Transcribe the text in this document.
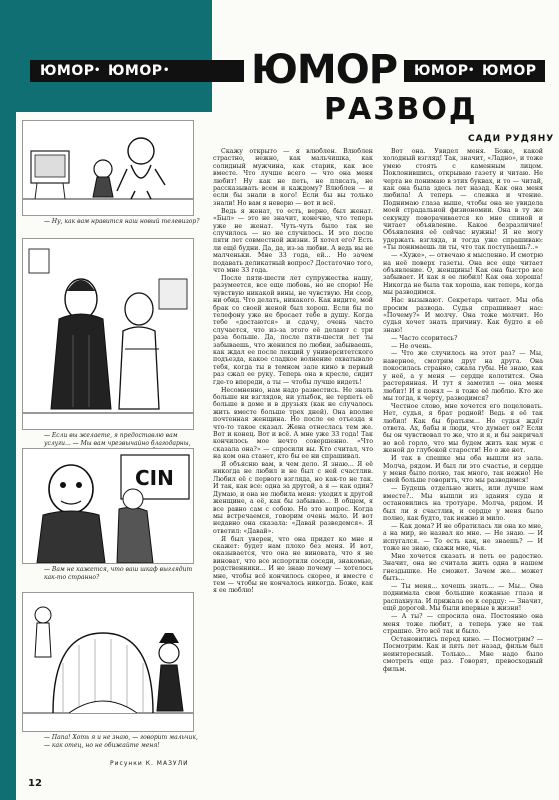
ЮМОР • ЮМОР • ЮМОР	ЮМОР • ЮМОР
РАЗВОД
САДИ РУДЯНУ
— Ну, как вам нравится наш новый телевизор?
— Если вы желаете, я предоставлю вам услуги... — Мы вам чрезвычайно благодарны,
CIN
— Вам не кажется, что ваш шкаф выглядит как-то странно?
— Папа! Хоть я и не знаю, — говорит мальчик, — как отец, но не обижайте меня!
Рисунки К. МАЗУЛИ

Скажу открыто — я влюблен. Влюблен страстно, нежно, как мальчишка, как солидный мужчина, как старик, как все вместе. Что лучше всего — что она меня любит! Ну как не петь, не плясать, не рассказывать всем и каждому? Влюблен — и если бы знали в кого! Если бы вы только знали! Но вам я неверю — вот и всё.

Ведь я женат, то есть, верно, был женат. «Был» — это не значит, конечно, что теперь уже не женат. Чуть-чуть было так не случилось — но не случилось. И это после пяти лет совместной жизни. Я хотел его? Есть ли ещё будни. Да, да, из-за любви. А ведь вы не малченьки. Мне 33 года, ей... Но зачем подавать деликатный вопрос? Достаточно того, что мне 33 года.

После пяти-шести лет супружества нашу, разумеется, все еще любовь, но не спорю! Не чувствую никакой вины, не чувствую. Ни ссор, ни обид. Что делать, никакого. Как видите, мой брак со своей женой был хорош. Если бы по телефону уже не бросает тебе в душу. Когда тебе «достаются» и сдачу, очень часто случается, что из-за этого её делают с три раза больше. Да, после пяти-шести лет ты забываешь, что женился по любви, забываешь, как ждал ее после лекций у университетского подъезда, какое сладкое волнение охватывало тебя, когда ты в темном зале кино в первый раз сжал ее руку. Теперь она в кресле, сидит где-то впереди, а ты — чтобы лучше видеть!

Несомненно, нам надо развестись. Не знать больше ни взглядов, ни улыбок, не терпеть её больше в доме и в друзьях (как не случалось жить вместе больше трех дней). Она вполне почтенная женщина. Но после ее отъезда я что-то такое сказал. Жена отнеслась тем же. Вот и конец. Вот и всё. А мне уже 33 года! Так кончилось мое нечто совершенно. «Что сказала она?» — спросили вы. Кто считал, что на ком она станет, кто бы ее ни спрашивал.

Я объясню вам, в чем дело. Я знаю... Я её никогда не любил и не был с ней счастлив. Любил её с первого взгляда, но как-то не так. И так, как все: одна за другой, а я — как один? Думаю, и она не любила меня: уходил к другой женщине, а её, как бы забываю... В общем, я все равно сам с собою. Но это вопрос. Когда мы встречаемся, говорим очень мало. И вот недавно она сказала: «Давай разведемся». Я ответил: «Давай».

Я был уверен, что она придет ко мне и скажет: будет нам плохо без меня. И вот, оказывается, что она не виновата, что я не виноват, что все испортили соседи, знакомые, родственники... И не знаю почему — хотелось мне, чтобы всё кончилось скорее, и вместе с тем — чтобы не кончалось никогда. Боже, как я ее люблю!

Вот она. Увидел меня. Боже, какой холодный взгляд! Так, значит, «Ладно», и тоже умею стоять с каменным лицом. Поклонившись, открываю газету и читаю. Не черта не понимаю в этих буквах, и то — читай, как она была здесь лет назад. Как она меня любила! А теперь — слежка и чтение. Поднимаю глаза выше, чтобы она не увидела моей страдальной физиономии. Она в ту же секунду поворачивается ко мне спиной и читает объявление. Какое безразличие! Объявления её сейчас нужны! Я не могу удержать взгляда, и тогда уже спрашиваю: «Ты понимаешь ли ты, что так поступаешь?..»

— «Хуже», — отвечаю я мысленно. И смотрю на неё поверх газеты. Она все еще читает объявление. О, женщины! Как она быстро все забывает. И как я ее любил! Как она хороша! Никогда не была так хороша, как теперь, когда мы разводимся.

Нас вызывают. Секретарь читает. Мы оба просим развода. Судья спрашивает нас: «Почему?» И молчу. Она тоже молчит. Но судья хочет знать причину. Как будто я её знаю!

— Часто ссоритесь?

— Не очень.

— Что же случилось на этот раз? — Мы, наверное, смотрим друг на друга. Она покосилась странно, сжала губы. Не знаю, как у неё, а у меня — сердце колотится. Она растерянная. И тут я заметил — она меня любит! И я понял — я тоже её люблю. Кто же мы тогда, к черту, разводимся?

Честное слово, мне хочется его поцеловать. Нет, судья, я брат родной! Ведь я её так любил! Как бы братьям... Но судья ждёт ответа. Ах, бабы и люди, что думает он? Если бы он чувствовал то же, что и я, и бы закричал во всё горло, что мы будем жить как муж с женой до глубокой старости! Но о же нет.

И так в спешке мы оба вышли из зала. Молча, рядом. И был ли это счастье, и сердце у меня было полно, так много, так нежно! Не смей больше говорить, что мы разводимся!

— Будешь отдельно жить, или лучше нам вместе?.. Мы вышли из здания суда и остановились на тротуаре. Молча, рядом. И был ли я счастлив, и сердце у меня было полно, как будто, так нежно и мило.

— Как дома? И не обратилась ли она ко мне, а на мир, не назвал ко мне. — Не знаю. — И испугался. — То есть как, не знаешь? — И тоже не знаю, скажи мне, чья.

Мне хочется сказать и петь ее радостно. Значит, она не считала жить одна в нашем гнездышке. Не сможет. Зачем же... может быть...

— Ты меня... хочешь знать... — Мы... Она поднимала свои большие кожаные глаза и распахнула. И прижала ее к сердцу: — Значит, ещё дорогой. Мы были впервые в жизни!

— А ты? — спросила она. Постоянно она меня тоже любит, а теперь уже не так страшно. Это всё так и было.

Остановились перед кино. — Посмотрим? — Посмотрим. Как и пять лет назад, фильм был неинтересный. Только... Мне надо было смотреть еще раз. Говорят, превосходный фильм.

12
